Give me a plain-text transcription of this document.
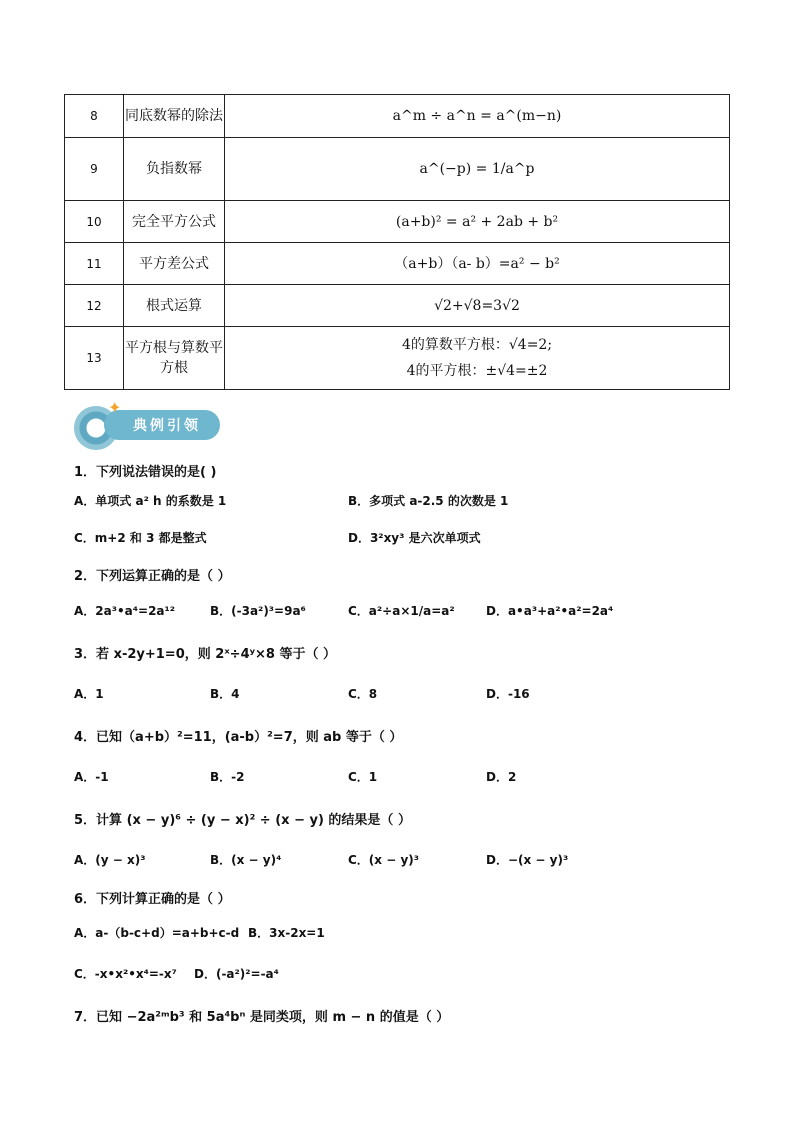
8	同底数幂的除法	a^m ÷ a^n = a^(m−n)
9	负指数幂	a^(−p) = 1/a^p
10	完全平方公式	(a+b)² = a² + 2ab + b²
11	平方差公式	（a+b）（a- b）=a² − b²
12	根式运算	√2+√8=3√2
13	平方根与算数平方根	4的算数平方根：√4=2;
4的平方根：±√4=±2
典例引领
✦
1．下列说法错误的是( )
A．单项式 a² h 的系数是 1	B．多项式 a-2.5 的次数是 1
C．m+2 和 3 都是整式	D．3²xy³ 是六次单项式
2．下列运算正确的是（ ）
A．2a³•a⁴=2a¹²	B．(-3a²)³=9a⁶	C．a²÷a×1/a=a²	D．a•a³+a²•a²=2a⁴
3．若 x-2y+1=0，则 2ˣ÷4ʸ×8 等于（ ）
A．1	B．4	C．8	D．-16
4．已知（a+b）²=11，(a-b）²=7，则 ab 等于（ ）
A．-1	B．-2	C．1	D．2
5．计算 (x − y)⁶ ÷ (y − x)² ÷ (x − y) 的结果是（ ）
A．(y − x)³	B．(x − y)⁴	C．(x − y)³	D．−(x − y)³
6．下列计算正确的是（ ）
A．a-（b-c+d）=a+b+c-d B．3x-2x=1
C．-x•x²•x⁴=-x⁷ D．(-a²)²=-a⁴
7．已知 −2a²ᵐb³ 和 5a⁴bⁿ 是同类项，则 m − n 的值是（ ）
